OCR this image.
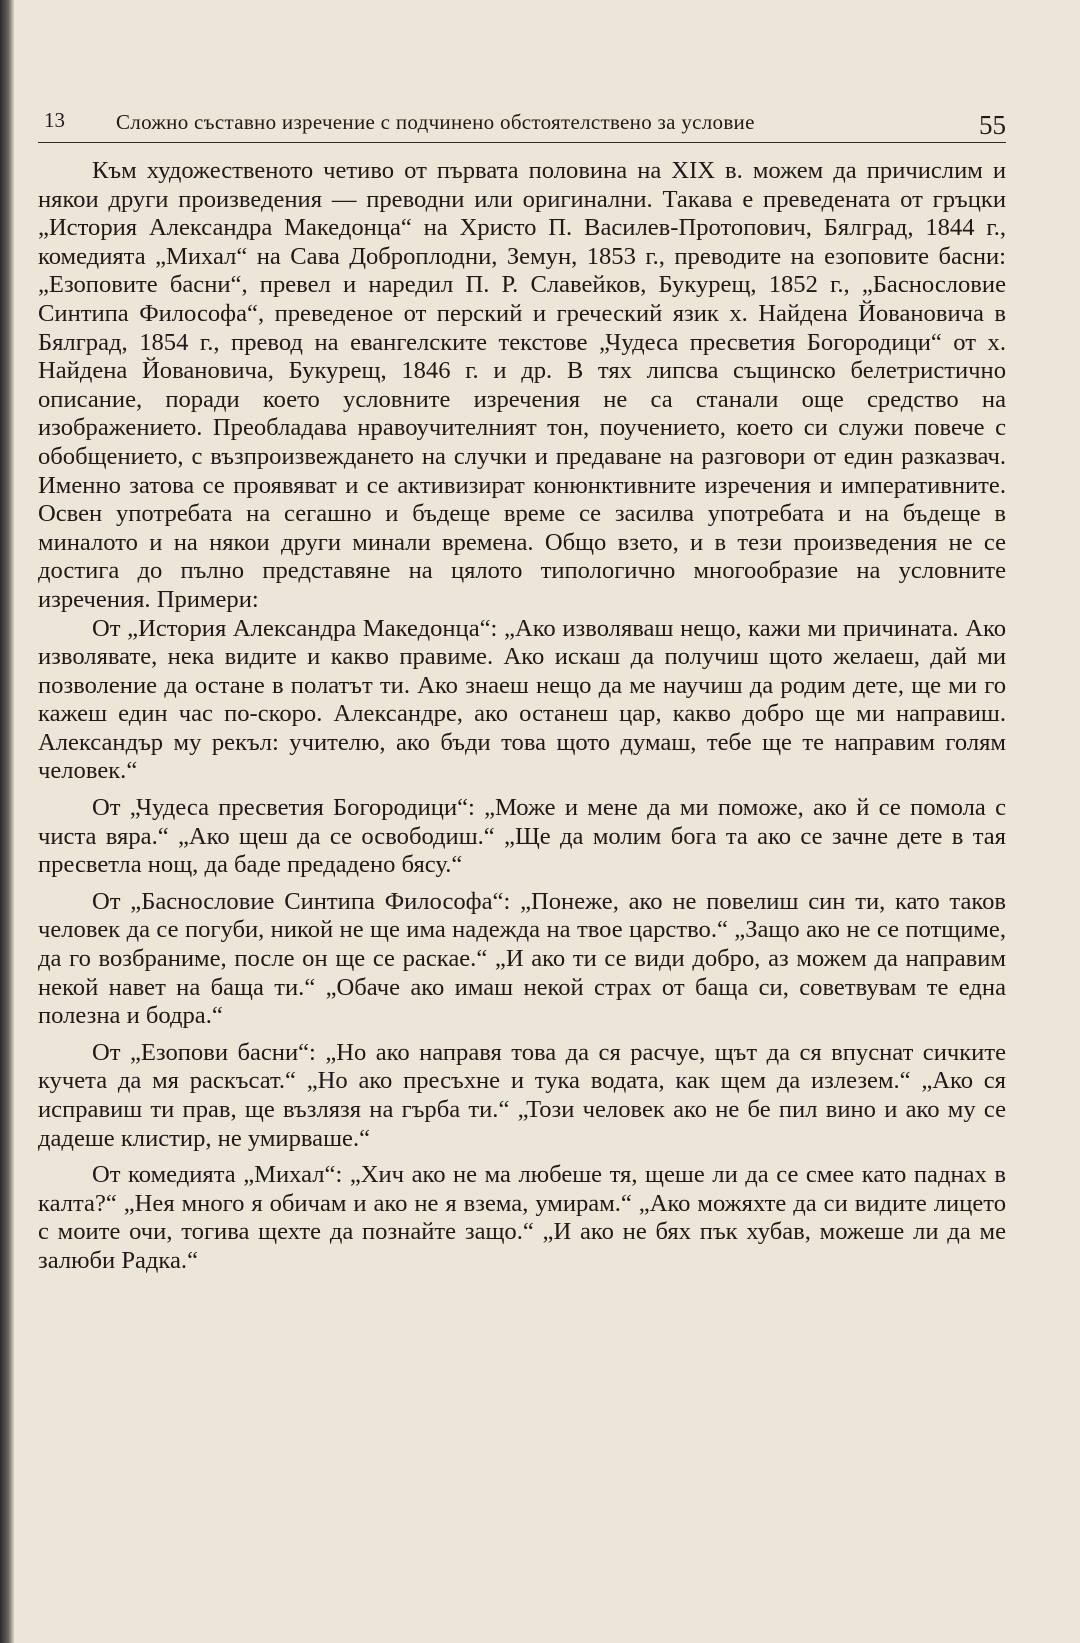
13 Сложно съставно изречение с подчинено обстоятелствено за условие	55

Към художественото четиво от първата половина на XIX в. можем да причислим и някои други произведения — преводни или оригинални. Такава е преведената от гръцки „История Александра Македонца“ на Христо П. Василев-Протопович, Бялград, 1844 г., комедията „Михал“ на Сава Доброплодни, Земун, 1853 г., преводите на езоповите басни: „Езоповите басни“, превел и наредил П. Р. Славейков, Букурещ, 1852 г., „Баснословие Синтипа Философа“, преведеное от перский и греческий язик х. Найдена Йовановича в Бялград, 1854 г., превод на евангелските текстове „Чудеса пресветия Богородици“ от х. Найдена Йовановича, Букурещ, 1846 г. и др. В тях липсва същинско белетристично описание, поради което условните изречения не са станали още средство на изображението. Преобладава нравоучителният тон, поучението, което си служи повече с обобщението, с възпроизвеждането на случки и предаване на разговори от един разказвач. Именно затова се проявяват и се активизират конюнктивните изречения и императивните. Освен употребата на сегашно и бъдеще време се засилва употребата и на бъдеще в миналото и на някои други минали времена. Общо взето, и в тези произведения не се достига до пълно представяне на цялото типологично многообразие на условните изречения. Примери:

От „История Александра Македонца“: „Ако изволяваш нещо, кажи ми причината. Ако изволявате, нека видите и какво правиме. Ако искаш да получиш щото желаеш, дай ми позволение да остане в полатът ти. Ако знаеш нещо да ме научиш да родим дете, ще ми го кажеш един час по-скоро. Александре, ако останеш цар, какво добро ще ми направиш. Александър му рекъл: учителю, ако бъди това щото думаш, тебе ще те направим голям человек.“

От „Чудеса пресветия Богородици“: „Може и мене да ми поможе, ако й се помола с чиста вяра.“ „Ако щеш да се освободиш.“ „Ще да молим бога та ако се зачне дете в тая пресветла нощ, да баде предадено бясу.“

От „Баснословие Синтипа Философа“: „Понеже, ако не повелиш син ти, като таков человек да се погуби, никой не ще има надежда на твое царство.“ „Защо ако не се потщиме, да го возбраниме, после он ще се раскае.“ „И ако ти се види добро, аз можем да направим некой навет на баща ти.“ „Обаче ако имаш некой страх от баща си, советвувам те една полезна и бодра.“

От „Езопови басни“: „Но ако направя това да ся расчуе, щът да ся впуснат сичките кучета да мя раскъсат.“ „Но ако пресъхне и тука водата, как щем да излезем.“ „Ако ся исправиш ти прав, ще възлязя на гърба ти.“ „Този человек ако не бе пил вино и ако му се дадеше клистир, не умирваше.“

От комедията „Михал“: „Хич ако не ма любеше тя, щеше ли да се смее като паднах в калта?“ „Нея много я обичам и ако не я взема, умирам.“ „Ако можяхте да си видите лицето с моите очи, тогива щехте да познайте защо.“ „И ако не бях пък хубав, можеше ли да ме залюби Радка.“
